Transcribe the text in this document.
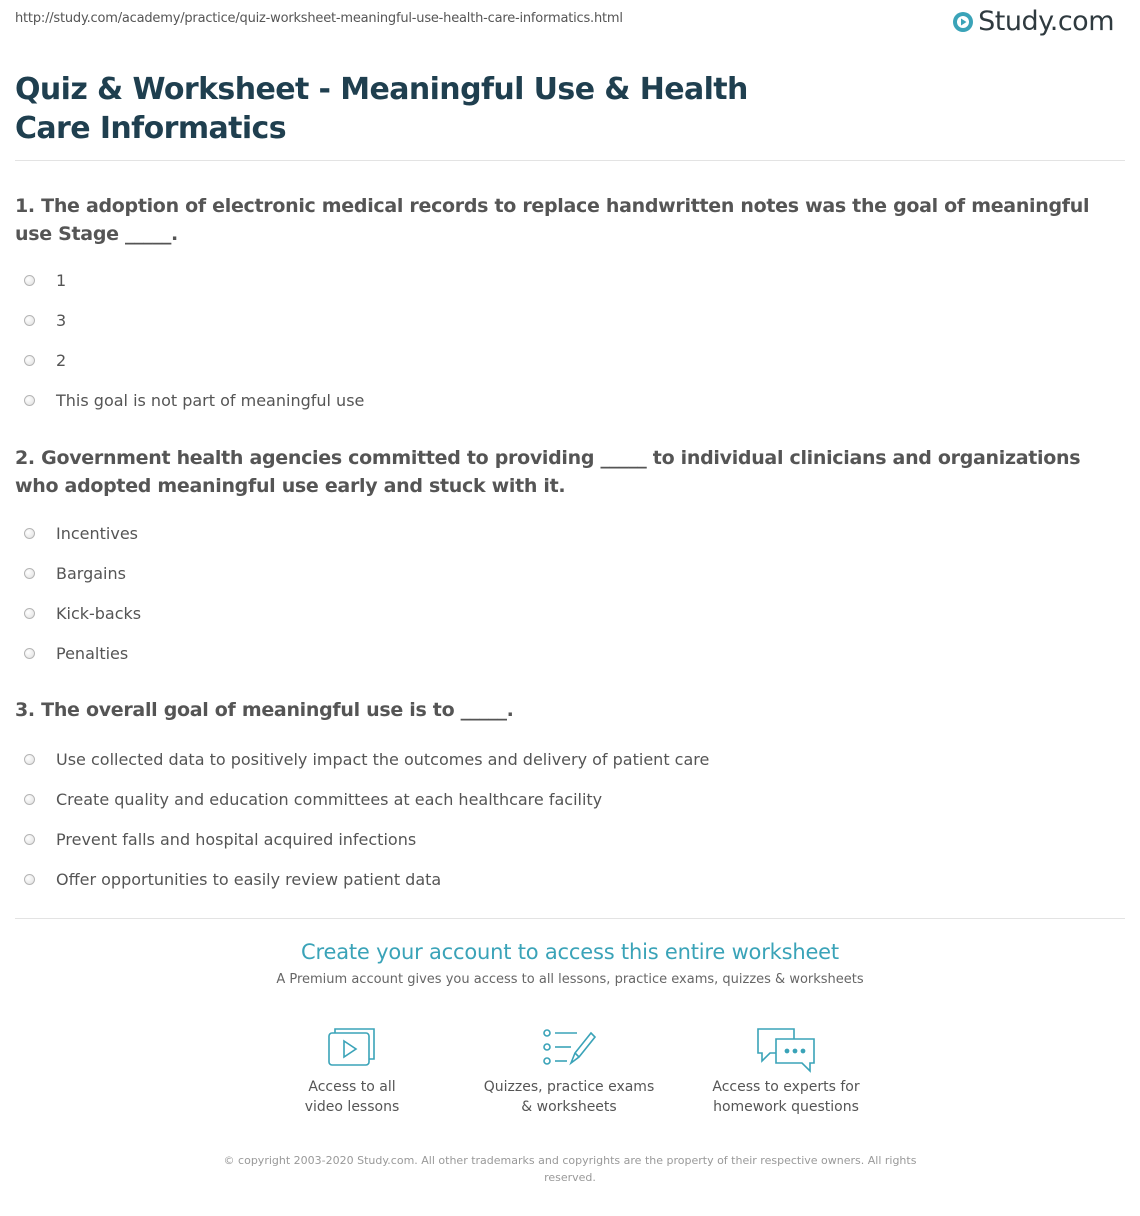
http://study.com/academy/practice/quiz-worksheet-meaningful-use-health-care-informatics.html	Study.com
Quiz & Worksheet - Meaningful Use & Health Care Informatics

1. The adoption of electronic medical records to replace handwritten notes was the goal of meaningful use Stage _____.

1
3
2
This goal is not part of meaningful use

2. Government health agencies committed to providing _____ to individual clinicians and organizations who adopted meaningful use early and stuck with it.

Incentives
Bargains
Kick-backs
Penalties

3. The overall goal of meaningful use is to _____.

Use collected data to positively impact the outcomes and delivery of patient care
Create quality and education committees at each healthcare facility
Prevent falls and hospital acquired infections
Offer opportunities to easily review patient data

Create your account to access this entire worksheet

A Premium account gives you access to all lessons, practice exams, quizzes & worksheets
Access to all
video lessons
Quizzes, practice exams
& worksheets
Access to experts for
homework questions
© copyright 2003-2020 Study.com. All other trademarks and copyrights are the property of their respective owners. All rights reserved.
